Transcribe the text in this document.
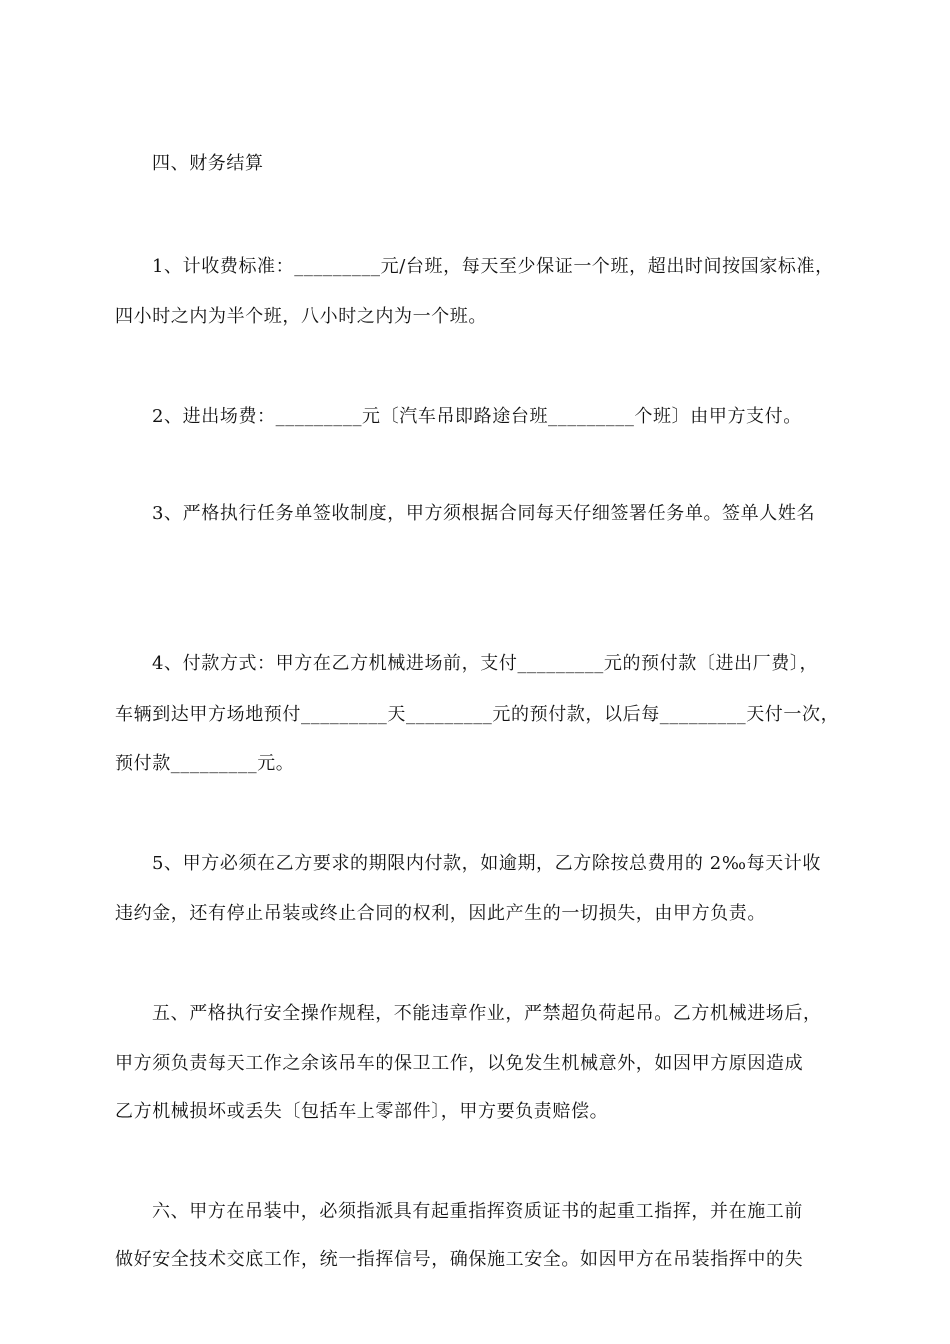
四、财务结算
1、计收费标准：_________元/台班，每天至少保证一个班，超出时间按国家标准，
四小时之内为半个班，八小时之内为一个班。
2、进出场费：_________元〔汽车吊即路途台班_________个班〕由甲方支付。
3、严格执行任务单签收制度，甲方须根据合同每天仔细签署任务单。签单人姓名
4、付款方式：甲方在乙方机械进场前，支付_________元的预付款〔进出厂费〕，
车辆到达甲方场地预付_________天_________元的预付款，以后每_________天付一次，
预付款_________元。
5、甲方必须在乙方要求的期限内付款，如逾期，乙方除按总费用的 2‰每天计收
违约金，还有停止吊装或终止合同的权利，因此产生的一切损失，由甲方负责。
五、严格执行安全操作规程，不能违章作业，严禁超负荷起吊。乙方机械进场后，
甲方须负责每天工作之余该吊车的保卫工作，以免发生机械意外，如因甲方原因造成
乙方机械损坏或丢失〔包括车上零部件〕，甲方要负责赔偿。
六、甲方在吊装中，必须指派具有起重指挥资质证书的起重工指挥，并在施工前
做好安全技术交底工作，统一指挥信号，确保施工安全。如因甲方在吊装指挥中的失
